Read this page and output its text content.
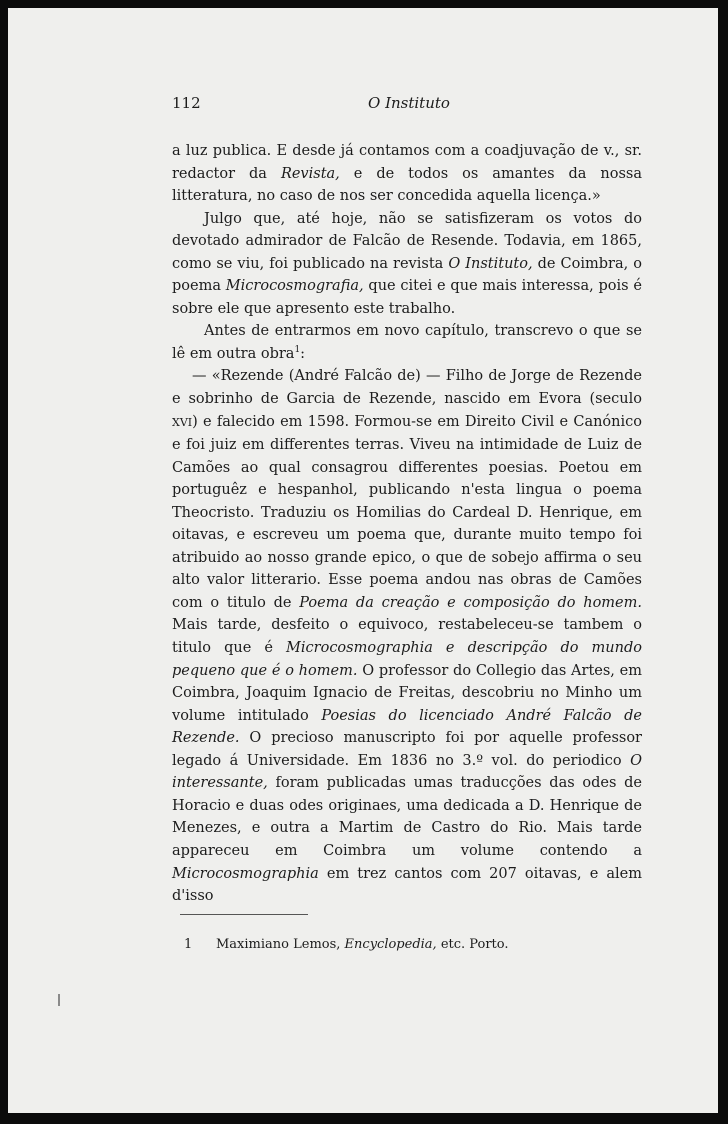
112	O Instituto

a luz publica. E desde já contamos com a coadjuvação de v., sr. redactor da Revista, e de todos os amantes da nossa litteratura, no caso de nos ser concedida aquella licença.»

Julgo que, até hoje, não se satisfizeram os votos do devotado admirador de Falcão de Resende. Todavia, em 1865, como se viu, foi publicado na revista O Instituto, de Coimbra, o poema Microcosmografia, que citei e que mais interessa, pois é sobre ele que apresento este trabalho.

Antes de entrarmos em novo capítulo, transcrevo o que se lê em outra obra$^1$:

— «Rezende (André Falcão de) — Filho de Jorge de Rezende e sobrinho de Garcia de Rezende, nascido em Evora (seculo XVI) e falecido em 1598. Formou-se em Direito Civil e Canónico e foi juiz em differentes terras. Viveu na intimidade de Luiz de Camões ao qual consagrou differentes poesias. Poetou em portuguêz e hespanhol, publicando n'esta lingua o poema Theocristo. Traduziu os Homilias do Cardeal D. Henrique, em oitavas, e escreveu um poema que, durante muito tempo foi atribuido ao nosso grande epico, o que de sobejo affirma o seu alto valor litterario. Esse poema andou nas obras de Camões com o titulo de Poema da creação e composição do homem. Mais tarde, desfeito o equivoco, restabeleceu-se tambem o titulo que é Microcosmographia e descripção do mundo pequeno que é o homem. O professor do Collegio das Artes, em Coimbra, Joaquim Ignacio de Freitas, descobriu no Minho um volume intitulado Poesias do licenciado André Falcão de Rezende. O precioso manuscripto foi por aquelle professor legado á Universidade. Em 1836 no 3.º vol. do periodico O interessante, foram publicadas umas traducções das odes de Horacio e duas odes originaes, uma dedicada a D. Henrique de Menezes, e outra a Martim de Castro do Rio. Mais tarde appareceu em Coimbra um volume contendo a Microcosmographia em trez cantos com 207 oitavas, e alem d'isso

1 Maximiano Lemos, Encyclopedia, etc. Porto.
